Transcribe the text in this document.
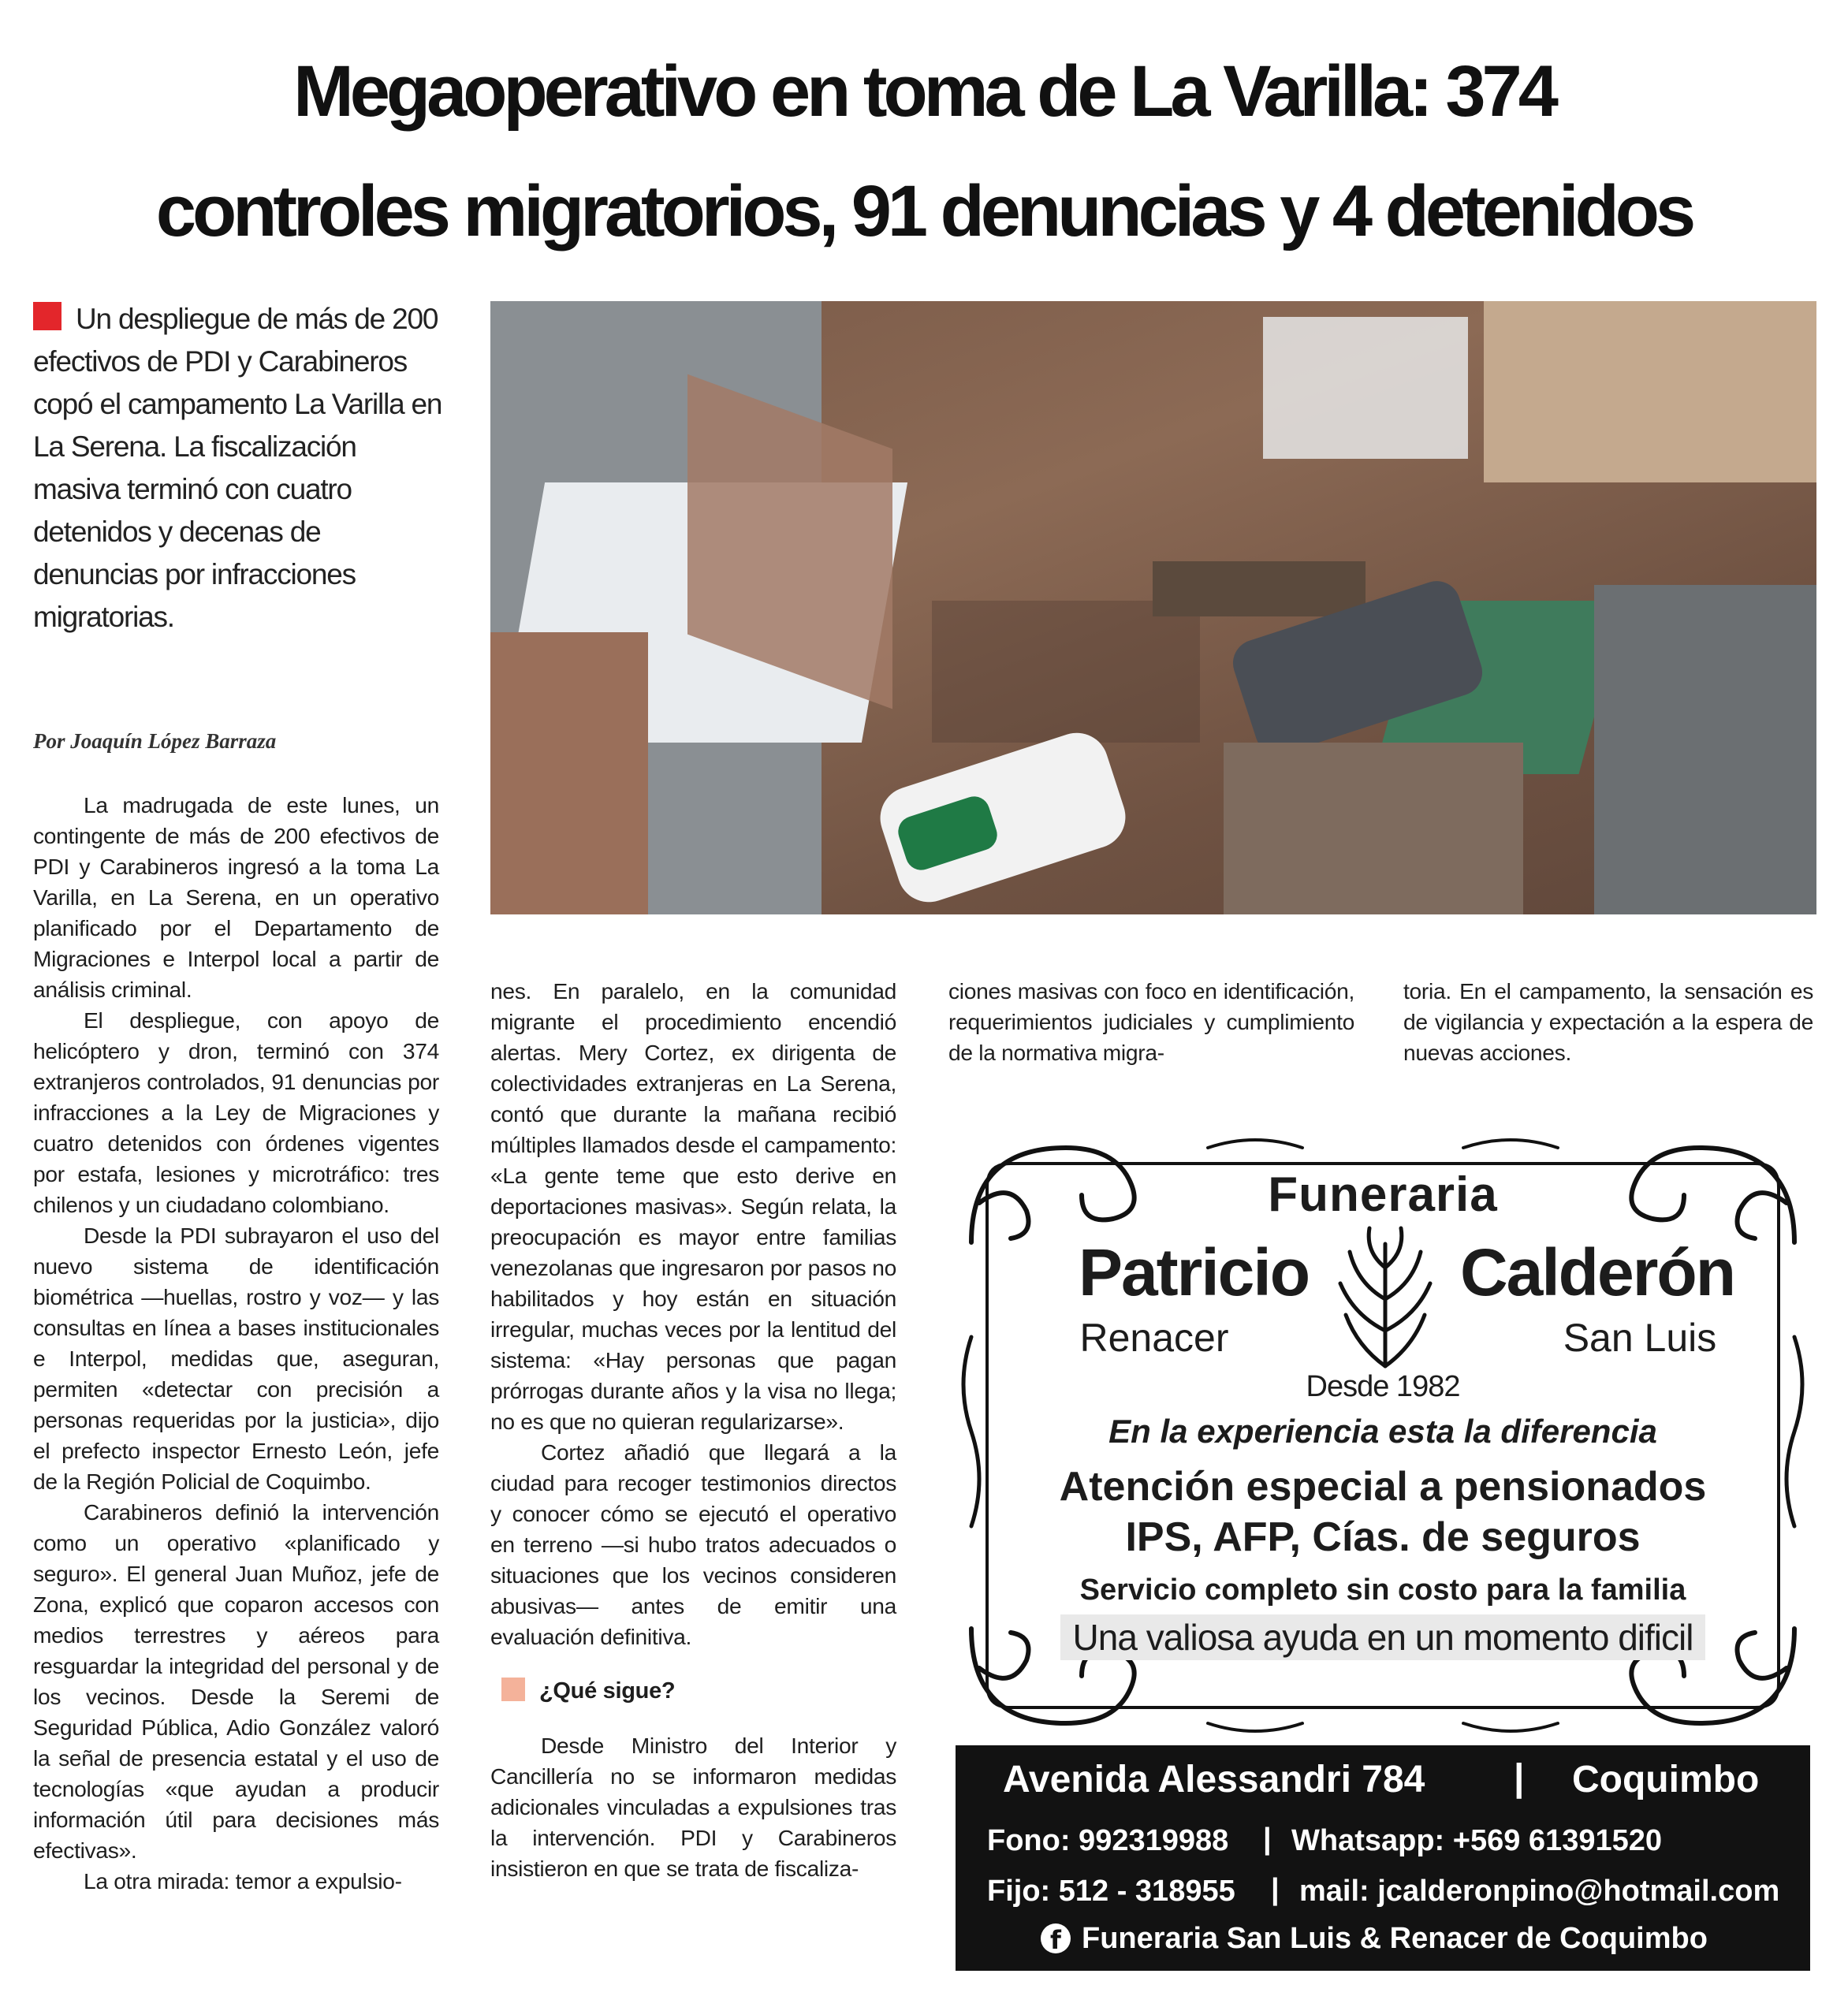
Megaoperativo en toma de La Varilla: 374
controles migratorios, 91 denuncias y 4 detenidos
Un despliegue de más de 200 efectivos de PDI y Carabineros copó el campamento La Varilla en La Serena. La fiscalización masiva terminó con cuatro detenidos y decenas de denuncias por infracciones migratorias.
Por Joaquín López Barraza

La madrugada de este lunes, un contingente de más de 200 efectivos de PDI y Carabineros ingresó a la toma La Varilla, en La Serena, en un operativo planificado por el Departamento de Migraciones e Interpol local a partir de análisis criminal.

El despliegue, con apoyo de helicóptero y dron, terminó con 374 extranjeros controlados, 91 denuncias por infracciones a la Ley de Migraciones y cuatro detenidos con órdenes vigentes por estafa, lesiones y microtráfico: tres chilenos y un ciudadano colombiano.

Desde la PDI subrayaron el uso del nuevo sistema de identificación biométrica —huellas, rostro y voz— y las consultas en línea a bases institucionales e Interpol, medidas que, aseguran, permiten «detectar con precisión a personas requeridas por la justicia», dijo el prefecto inspector Ernesto León, jefe de la Región Policial de Coquimbo.

Carabineros definió la intervención como un operativo «planificado y seguro». El general Juan Muñoz, jefe de Zona, explicó que coparon accesos con medios terrestres y aéreos para resguardar la integridad del personal y de los vecinos. Desde la Seremi de Seguridad Pública, Adio González valoró la señal de presencia estatal y el uso de tecnologías «que ayudan a producir información útil para decisiones más efectivas».

La otra mirada: temor a expulsio-

nes. En paralelo, en la comunidad migrante el procedimiento encendió alertas. Mery Cortez, ex dirigenta de colectividades extranjeras en La Serena, contó que durante la mañana recibió múltiples llamados desde el campamento: «La gente teme que esto derive en deportaciones masivas». Según relata, la preocupación es mayor entre familias venezolanas que ingresaron por pasos no habilitados y hoy están en situación irregular, muchas veces por la lentitud del sistema: «Hay personas que pagan prórrogas durante años y la visa no llega; no es que no quieran regularizarse».

Cortez añadió que llegará a la ciudad para recoger testimonios directos y conocer cómo se ejecutó el operativo en terreno —si hubo tratos adecuados o situaciones que los vecinos consideren abusivas— antes de emitir una evaluación definitiva.

¿Qué sigue?

Desde Ministro del Interior y Cancillería no se informaron medidas adicionales vinculadas a expulsiones tras la intervención. PDI y Carabineros insistieron en que se trata de fiscaliza-

ciones masivas con foco en identificación, requerimientos judiciales y cumplimiento de la normativa migra-

toria. En el campamento, la sensación es de vigilancia y expectación a la espera de nuevas acciones.

Funeraria
Patricio	Calderón
Renacer	San Luis
Desde 1982
En la experiencia esta la diferencia
Atención especial a pensionados
IPS, AFP, Cías. de seguros
Servicio completo sin costo para la familia
Una valiosa ayuda en un momento dificil
Avenida Alessandri 784 | Coquimbo
Fono: 992319988 | Whatsapp: +569 61391520
Fijo: 512 - 318955 | mail: jcalderonpino@hotmail.com
f Funeraria San Luis & Renacer de Coquimbo
